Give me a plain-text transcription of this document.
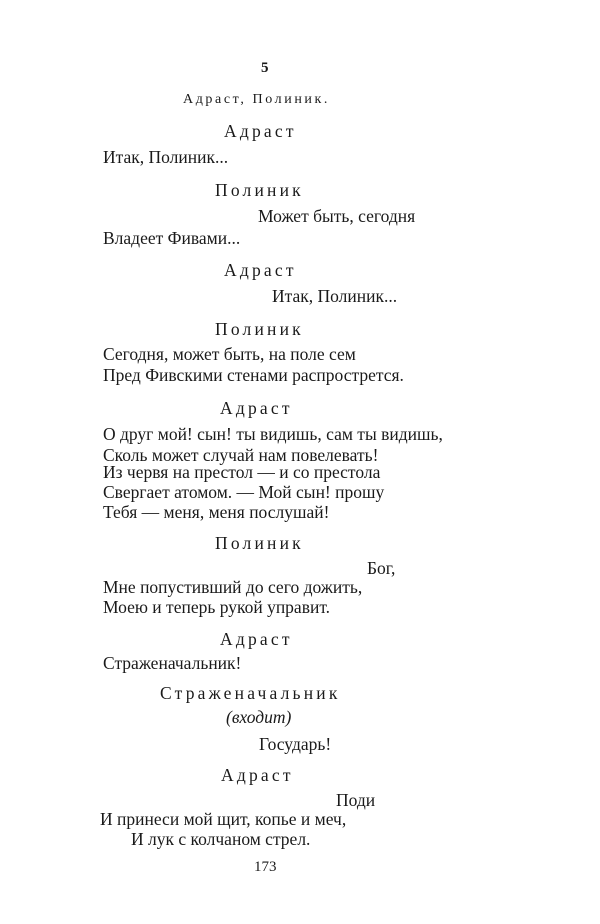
5
Адраст, Полиник.
Адраст
Итак, Полиник...
Полиник
Может быть, сегодня
Владеет Фивами...
Адраст
Итак, Полиник...
Полиник
Сегодня, может быть, на поле сем
Пред Фивскими стенами распрострется.
Адраст
О друг мой! сын! ты видишь, сам ты видишь,
Сколь может случай нам повелевать!
Из червя на престол — и со престола
Свергает атомом. — Мой сын! прошу
Тебя — меня, меня послушай!
Полиник
Бог,
Мне попустивший до сего дожить,
Моею и теперь рукой управит.
Адраст
Страженачальник!
Страженачальник
(входит)
Государь!
Адраст
Поди
И принеси мой щит, копье и меч,
И лук с колчаном стрел.
173
